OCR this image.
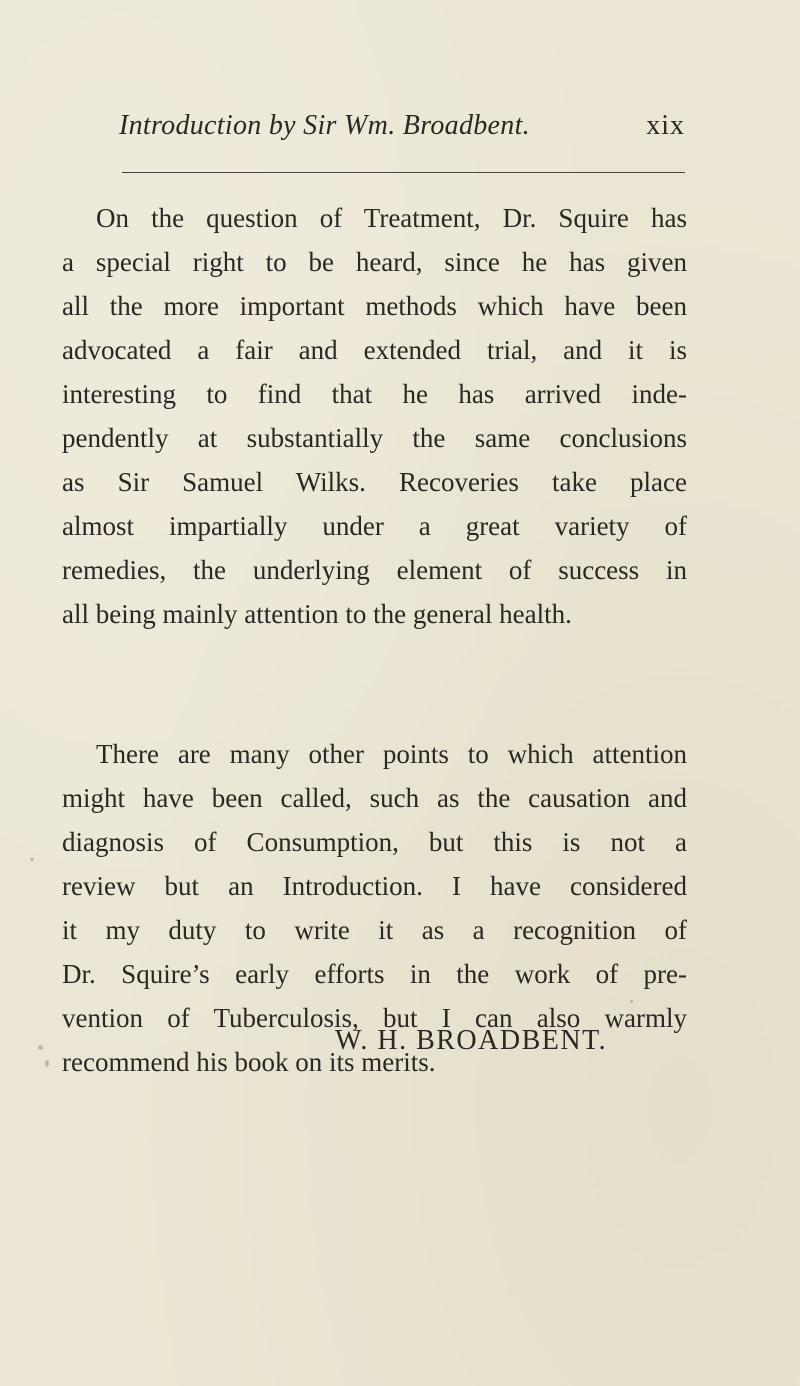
Introduction by Sir Wm. Broadbent.	xix

On the question of Treatment, Dr. Squire has

a special right to be heard, since he has given

all the more important methods which have been

advocated a fair and extended trial, and it is

interesting to find that he has arrived inde-

pendently at substantially the same conclusions

as Sir Samuel Wilks. Recoveries take place

almost impartially under a great variety of

remedies, the underlying element of success in

all being mainly attention to the general health.

There are many other points to which attention

might have been called, such as the causation and

diagnosis of Consumption, but this is not a

review but an Introduction. I have considered

it my duty to write it as a recognition of

Dr. Squire’s early efforts in the work of pre-

vention of Tuberculosis, but I can also warmly

recommend his book on its merits.

W. H. BROADBENT.
